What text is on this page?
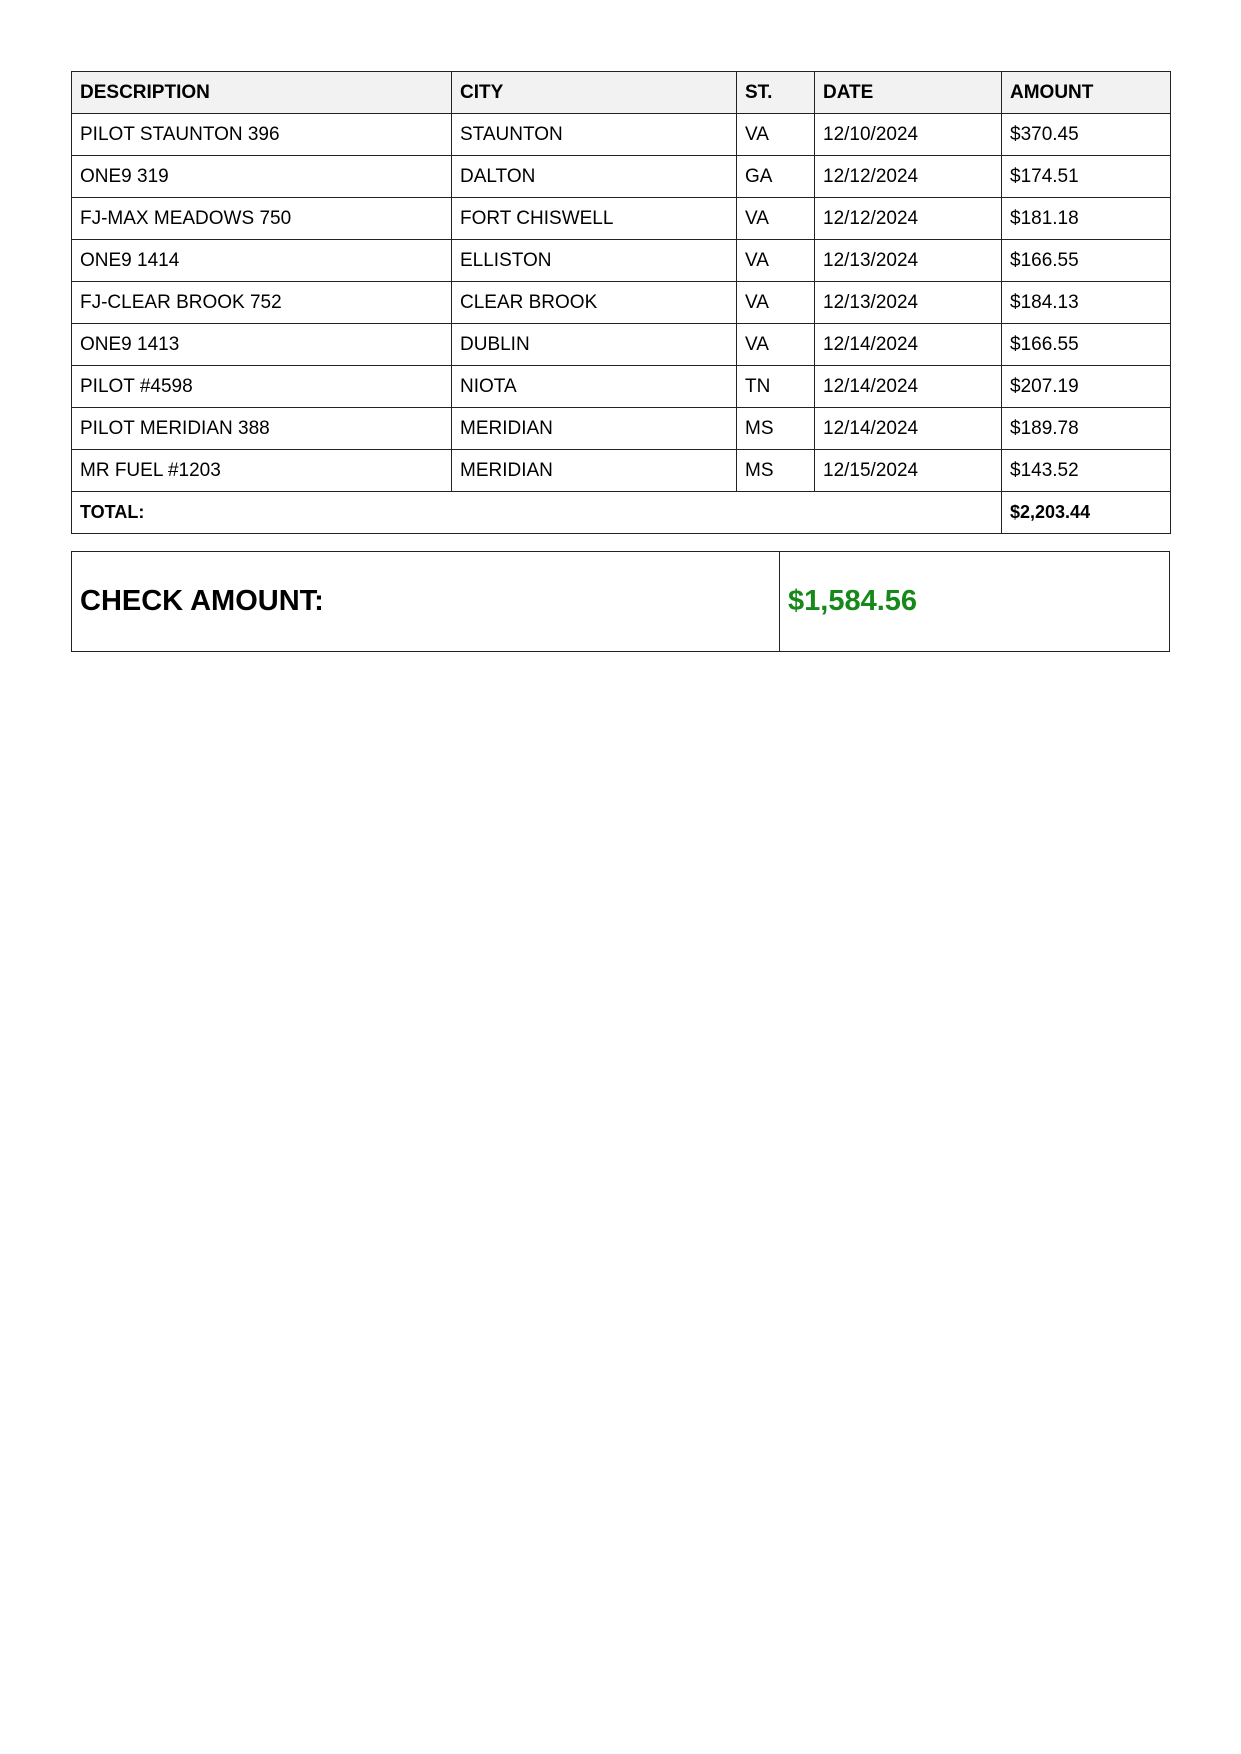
DESCRIPTION	CITY	ST.	DATE	AMOUNT
PILOT STAUNTON 396	STAUNTON	VA	12/10/2024	$370.45
ONE9 319	DALTON	GA	12/12/2024	$174.51
FJ-MAX MEADOWS 750	FORT CHISWELL	VA	12/12/2024	$181.18
ONE9 1414	ELLISTON	VA	12/13/2024	$166.55
FJ-CLEAR BROOK 752	CLEAR BROOK	VA	12/13/2024	$184.13
ONE9 1413	DUBLIN	VA	12/14/2024	$166.55
PILOT #4598	NIOTA	TN	12/14/2024	$207.19
PILOT MERIDIAN 388	MERIDIAN	MS	12/14/2024	$189.78
MR FUEL #1203	MERIDIAN	MS	12/15/2024	$143.52
TOTAL:				$2,203.44
CHECK AMOUNT:	$1,584.56
